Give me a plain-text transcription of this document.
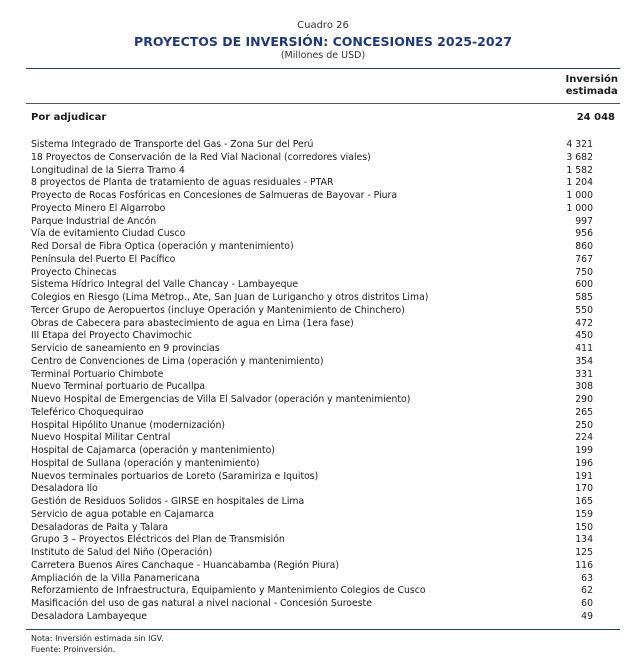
Cuadro 26
PROYECTOS DE INVERSIÓN: CONCESIONES 2025-2027
(Millones de USD)
Inversión
estimada
Por adjudicar	24 048
Sistema Integrado de Transporte del Gas - Zona Sur del Perú	4 321
18 Proyectos de Conservación de la Red Vial Nacional (corredores viales)	3 682
Longitudinal de la Sierra Tramo 4	1 582
8 proyectos de Planta de tratamiento de aguas residuales - PTAR	1 204
Proyecto de Rocas Fosfóricas en Concesiones de Salmueras de Bayovar - Piura	1 000
Proyecto Minero El Algarrobo	1 000
Parque Industrial de Ancón	997
Vía de evitamiento Ciudad Cusco	956
Red Dorsal de Fibra Óptica (operación y mantenimiento)	860
Península del Puerto El Pacífico	767
Proyecto Chinecas	750
Sistema Hídrico Integral del Valle Chancay - Lambayeque	600
Colegios en Riesgo (Lima Metrop., Ate, San Juan de Lurigancho y otros distritos Lima)	585
Tercer Grupo de Aeropuertos (incluye Operación y Mantenimiento de Chinchero)	550
Obras de Cabecera para abastecimiento de agua en Lima (1era fase)	472
III Etapa del Proyecto Chavimochic	450
Servicio de saneamiento en 9 provincias	411
Centro de Convenciones de Lima (operación y mantenimiento)	354
Terminal Portuario Chimbote	331
Nuevo Terminal portuario de Pucallpa	308
Nuevo Hospital de Emergencias de Villa El Salvador (operación y mantenimiento)	290
Teleférico Choquequirao	265
Hospital Hipólito Unanue (modernización)	250
Nuevo Hospital Militar Central	224
Hospital de Cajamarca (operación y mantenimiento)	199
Hospital de Sullana (operación y mantenimiento)	196
Nuevos terminales portuarios de Loreto (Saramiriza e Iquitos)	191
Desaladora Ilo	170
Gestión de Residuos Solidos - GIRSE en hospitales de Lima	165
Servicio de agua potable en Cajamarca	159
Desaladoras de Paita y Talara	150
Grupo 3 – Proyectos Eléctricos del Plan de Transmisión	134
Instituto de Salud del Niño (Operación)	125
Carretera Buenos Aires Canchaque - Huancabamba (Región Piura)	116
Ampliación de la Villa Panamericana	63
Reforzamiento de Infraestructura, Equipamiento y Mantenimiento Colegios de Cusco	62
Masificación del uso de gas natural a nivel nacional - Concesión Suroeste	60
Desaladora Lambayeque	49
Nota: Inversión estimada sin IGV.
Fuente: Proinversión.
